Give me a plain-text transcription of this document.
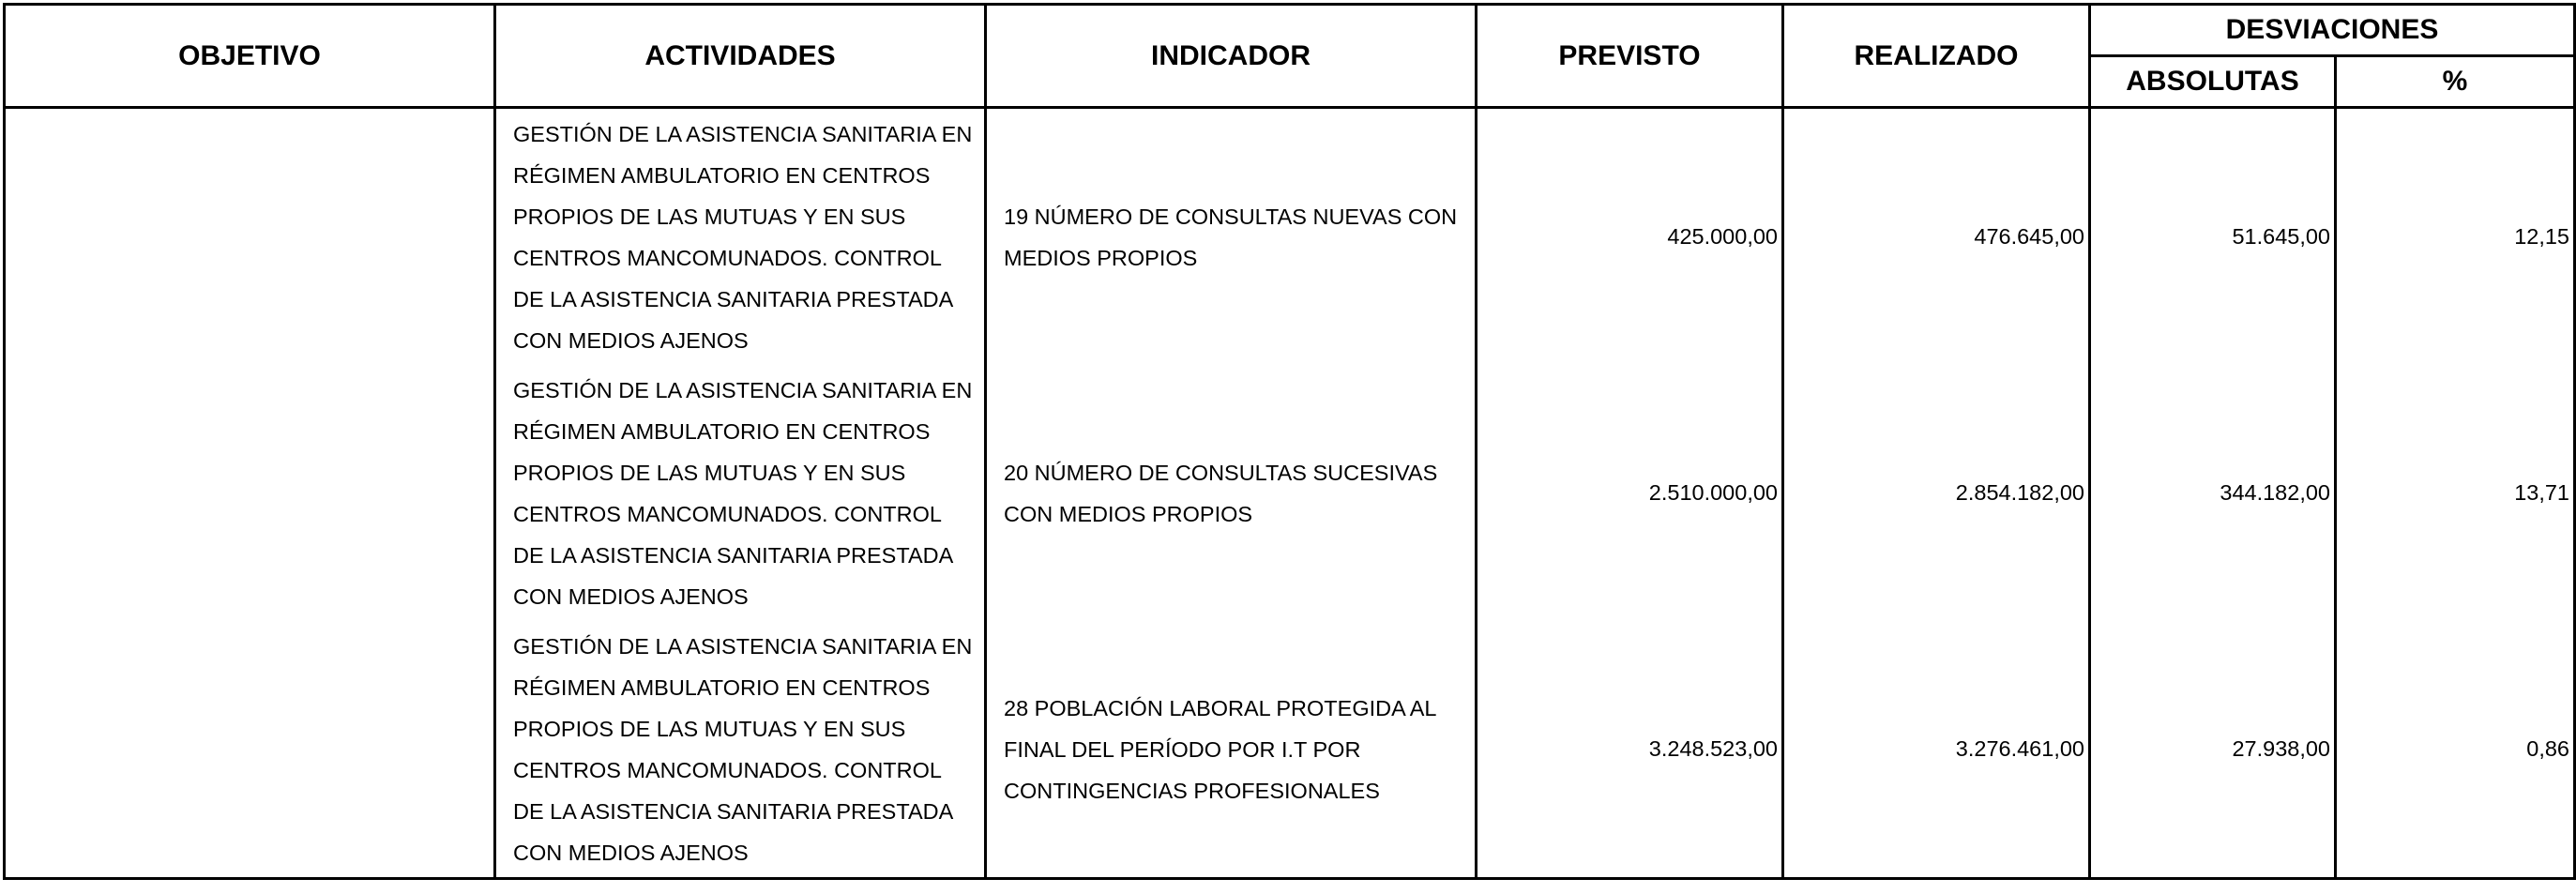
OBJETIVO	ACTIVIDADES	INDICADOR	PREVISTO	REALIZADO	DESVIACIONES	
					ABSOLUTAS	%
	GESTIÓN DE LA ASISTENCIA SANITARIA EN RÉGIMEN AMBULATORIO EN CENTROS PROPIOS DE LAS MUTUAS Y EN SUS CENTROS MANCOMUNADOS. CONTROL DE LA ASISTENCIA SANITARIA PRESTADA CON MEDIOS AJENOS	19 NÚMERO DE CONSULTAS NUEVAS CON MEDIOS PROPIOS	425.000,00	476.645,00	51.645,00	12,15
	GESTIÓN DE LA ASISTENCIA SANITARIA EN RÉGIMEN AMBULATORIO EN CENTROS PROPIOS DE LAS MUTUAS Y EN SUS CENTROS MANCOMUNADOS. CONTROL DE LA ASISTENCIA SANITARIA PRESTADA CON MEDIOS AJENOS	20 NÚMERO DE CONSULTAS SUCESIVAS CON MEDIOS PROPIOS	2.510.000,00	2.854.182,00	344.182,00	13,71
	GESTIÓN DE LA ASISTENCIA SANITARIA EN RÉGIMEN AMBULATORIO EN CENTROS PROPIOS DE LAS MUTUAS Y EN SUS CENTROS MANCOMUNADOS. CONTROL DE LA ASISTENCIA SANITARIA PRESTADA CON MEDIOS AJENOS	28 POBLACIÓN LABORAL PROTEGIDA AL FINAL DEL PERÍODO POR I.T POR CONTINGENCIAS PROFESIONALES	3.248.523,00	3.276.461,00	27.938,00	0,86
